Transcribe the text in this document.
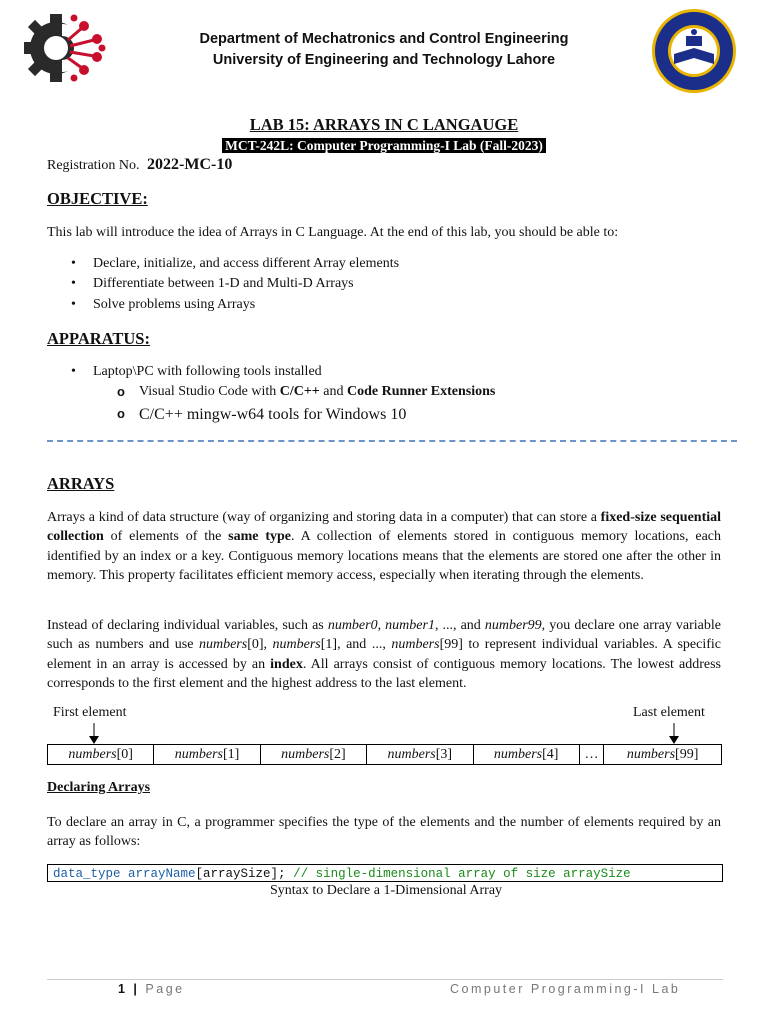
Department of Mechatronics and Control Engineering
University of Engineering and Technology Lahore
LAB 15: ARRAYS IN C LANGAUGE
MCT-242L: Computer Programming-I Lab (Fall-2023)
Registration No. 2022-MC-10
OBJECTIVE:
This lab will introduce the idea of Arrays in C Language. At the end of this lab, you should be able to:
• Declare, initialize, and access different Array elements
• Differentiate between 1-D and Multi-D Arrays
• Solve problems using Arrays
APPARATUS:
• Laptop\PC with following tools installed
o Visual Studio Code with C/C++ and Code Runner Extensions
o C/C++ mingw-w64 tools for Windows 10
ARRAYS
Arrays a kind of data structure (way of organizing and storing data in a computer) that can store a fixed-size sequential collection of elements of the same type. A collection of elements stored in contiguous memory locations, each identified by an index or a key. Contiguous memory locations means that the elements are stored one after the other in memory. This property facilitates efficient memory access, especially when iterating through the elements.
Instead of declaring individual variables, such as number0, number1, ..., and number99, you declare one array variable such as numbers and use numbers[0], numbers[1], and ..., numbers[99] to represent individual variables. A specific element in an array is accessed by an index. All arrays consist of contiguous memory locations. The lowest address corresponds to the first element and the highest address to the last element.
First element	Last element
numbers[0]	numbers[1]	numbers[2]	numbers[3]	numbers[4]	…	numbers[99]
Declaring Arrays
To declare an array in C, a programmer specifies the type of the elements and the number of elements required by an array as follows:
data_type arrayName[arraySize]; // single-dimensional array of size arraySize
Syntax to Declare a 1-Dimensional Array
1 | Page	Computer Programming-I Lab
